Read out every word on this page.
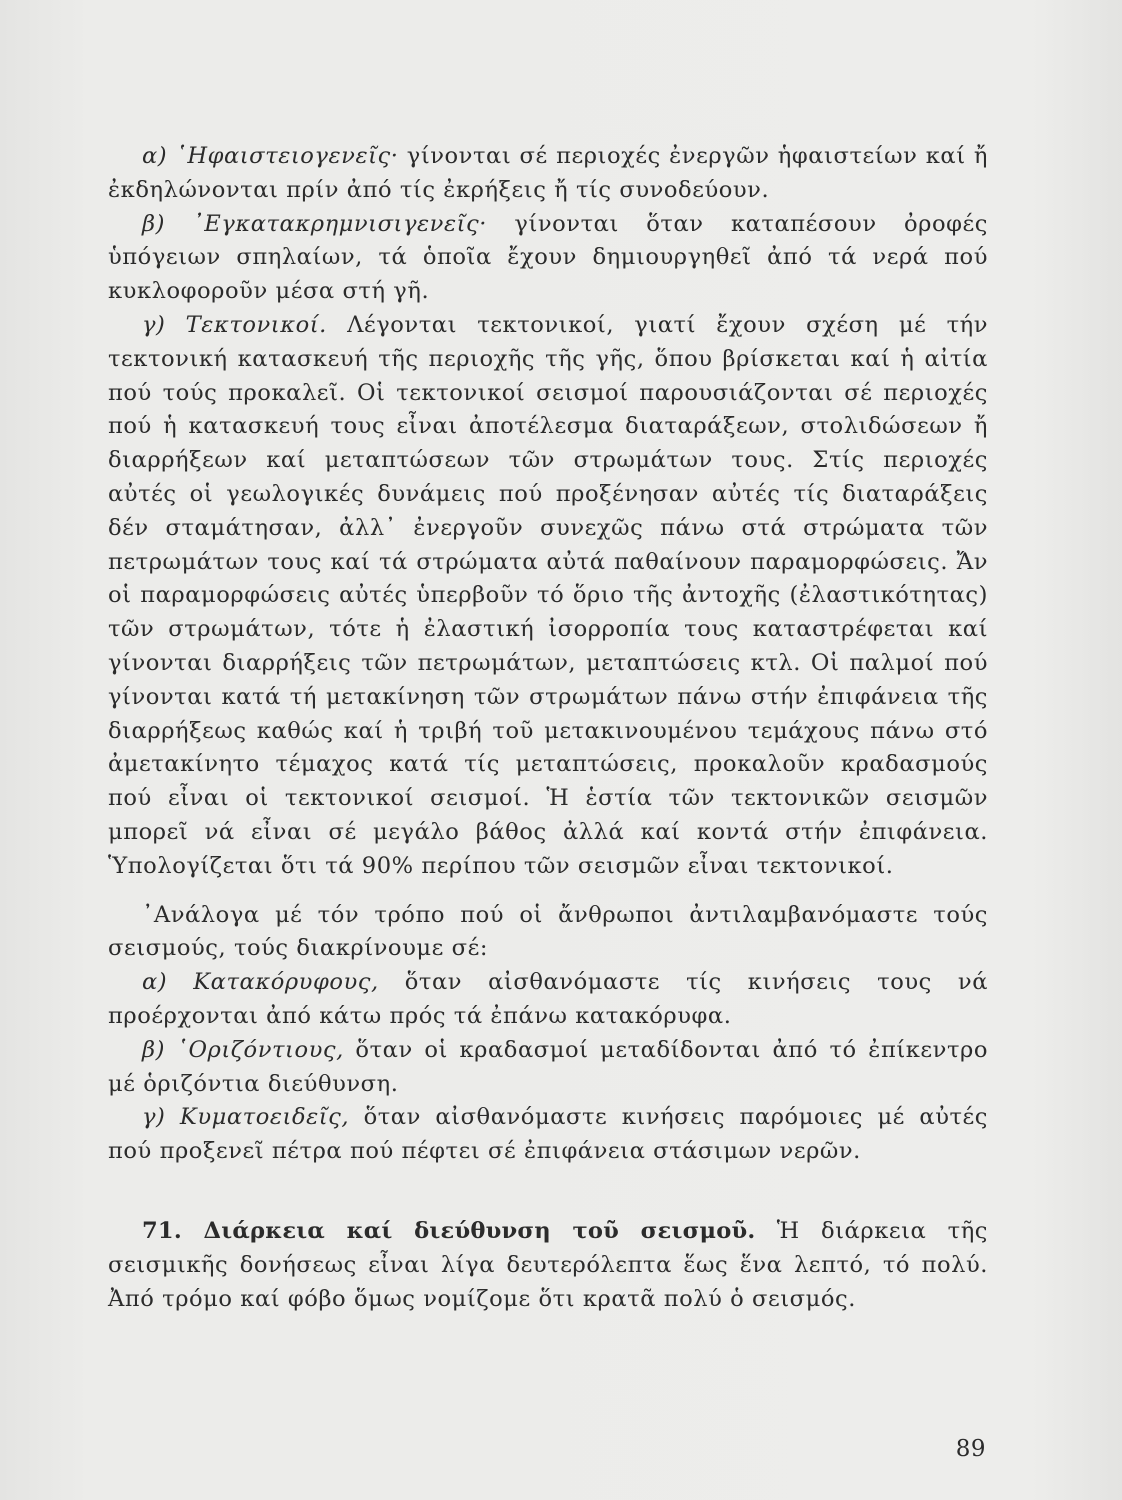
α) ῾Ηφαιστειογενεῖς· γίνονται σέ περιοχές ἐνεργῶν ἡφαιστείων καί ἤ ἐκδηλώνονται πρίν ἀπό τίς ἐκρήξεις ἤ τίς συνοδεύουν.

β) ᾿Εγκατακρημνισιγενεῖς· γίνονται ὅταν καταπέσουν ὀροφές ὑπόγειων σπηλαίων, τά ὁποῖα ἔχουν δημιουργηθεῖ ἀπό τά νερά πού κυκλοφοροῦν μέσα στή γῆ.

γ) Τεκτονικοί. Λέγονται τεκτονικοί, γιατί ἔχουν σχέση μέ τήν τεκτονική κατασκευή τῆς περιοχῆς τῆς γῆς, ὅπου βρίσκεται καί ἡ αἰτία πού τούς προκαλεῖ. Οἱ τεκτονικοί σεισμοί παρουσιάζονται σέ περιοχές πού ἡ κατασκευή τους εἶναι ἀποτέλεσμα διαταράξεων, στολιδώσεων ἤ διαρρήξεων καί μεταπτώσεων τῶν στρωμάτων τους. Στίς περιοχές αὐτές οἱ γεωλογικές δυνάμεις πού προξένησαν αὐτές τίς διαταράξεις δέν σταμάτησαν, ἀλλ᾿ ἐνεργοῦν συνεχῶς πάνω στά στρώματα τῶν πετρωμάτων τους καί τά στρώματα αὐτά παθαίνουν παραμορφώσεις. Ἄν οἱ παραμορφώσεις αὐτές ὑπερβοῦν τό ὅριο τῆς ἀντοχῆς (ἐλαστικότητας) τῶν στρωμάτων, τότε ἡ ἐλαστική ἰσορροπία τους καταστρέφεται καί γίνονται διαρρήξεις τῶν πετρωμάτων, μεταπτώσεις κτλ. Οἱ παλμοί πού γίνονται κατά τή μετακίνηση τῶν στρωμάτων πάνω στήν ἐπιφάνεια τῆς διαρρήξεως καθώς καί ἡ τριβή τοῦ μετακινουμένου τεμάχους πάνω στό ἀμετακίνητο τέμαχος κατά τίς μεταπτώσεις, προκαλοῦν κραδασμούς πού εἶναι οἱ τεκτονικοί σεισμοί. Ἡ ἑστία τῶν τεκτονικῶν σεισμῶν μπορεῖ νά εἶναι σέ μεγάλο βάθος ἀλλά καί κοντά στήν ἐπιφάνεια. Ὑπολογίζεται ὅτι τά 90% περίπου τῶν σεισμῶν εἶναι τεκτονικοί.

᾿Ανάλογα μέ τόν τρόπο πού οἱ ἄνθρωποι ἀντιλαμβανόμαστε τούς σεισμούς, τούς διακρίνουμε σέ:

α) Κατακόρυφους, ὅταν αἰσθανόμαστε τίς κινήσεις τους νά προέρχονται ἀπό κάτω πρός τά ἐπάνω κατακόρυφα.

β) ῾Οριζόντιους, ὅταν οἱ κραδασμοί μεταδίδονται ἀπό τό ἐπίκεντρο μέ ὁριζόντια διεύθυνση.

γ) Κυματοειδεῖς, ὅταν αἰσθανόμαστε κινήσεις παρόμοιες μέ αὐτές πού προξενεῖ πέτρα πού πέφτει σέ ἐπιφάνεια στάσιμων νερῶν.

71. Διάρκεια καί διεύθυνση τοῦ σεισμοῦ. Ἡ διάρκεια τῆς σεισμικῆς δονήσεως εἶναι λίγα δευτερόλεπτα ἕως ἕνα λεπτό, τό πολύ. Ἀπό τρόμο καί φόβο ὅμως νομίζομε ὅτι κρατᾶ πολύ ὁ σεισμός.

89
